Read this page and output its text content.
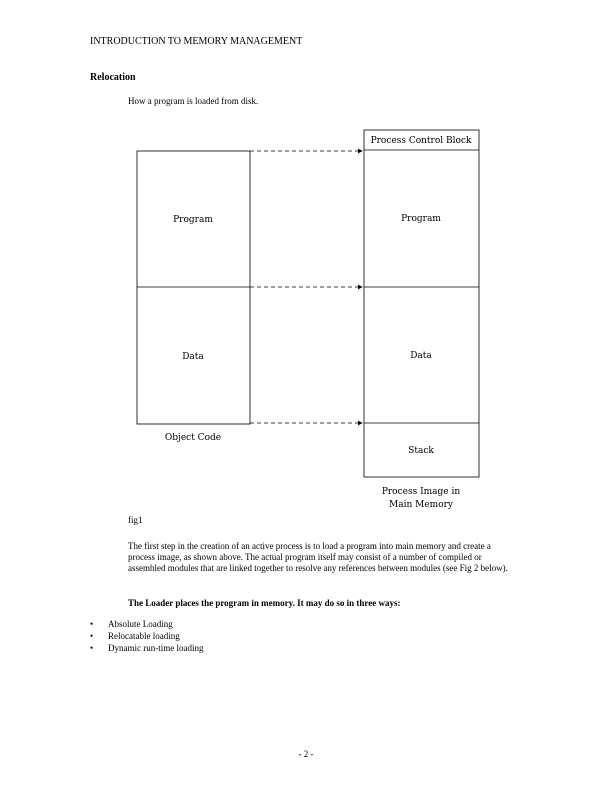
INTRODUCTION TO MEMORY MANAGEMENT
Relocation
How a program is loaded from disk.
Program
Data
Object Code
Process Control Block
Program
Data
Stack
Process Image in
Main Memory
fig1
The first step in the creation of an active process is to load a program into main memory and create a process image, as shown above. The actual program itself may consist of a number of compiled or assembled modules that are linked together to resolve any references between modules (see Fig 2 below).
The Loader places the program in memory. It may do so in three ways:
• Absolute Loading
• Relocatable loading
• Dynamic run-time loading
- 2 -
